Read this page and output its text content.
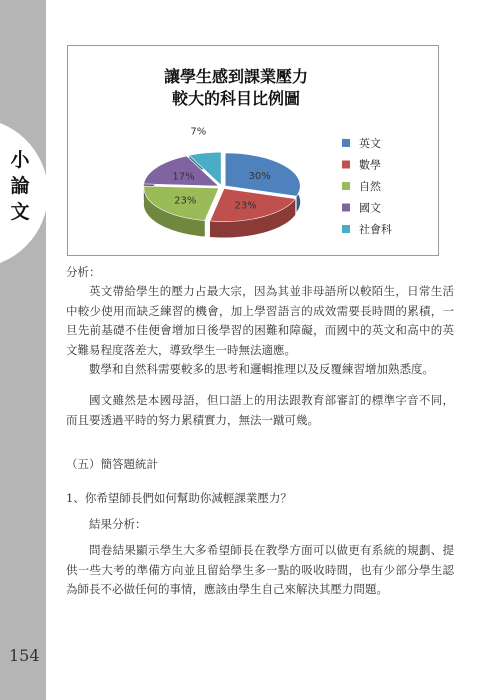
小
論
文
讓學生感到課業壓力
較大的科目比例圖
30%
23%
23%
17%
7%
英文
數學
自然
國文
社會科
分析：
英文帶給學生的壓力占最大宗，因為其並非母語所以較陌生，日常生活中較少使用而缺乏練習的機會，加上學習語言的成效需要長時間的累積，一旦先前基礎不佳便會增加日後學習的困難和障礙，而國中的英文和高中的英文難易程度落差大，導致學生一時無法適應。
數學和自然科需要較多的思考和邏輯推理以及反覆練習增加熟悉度。
國文雖然是本國母語，但口語上的用法跟教育部審訂的標準字音不同，而且要透過平時的努力累積實力，無法一蹴可幾。
（五）簡答題統計
1、你希望師長們如何幫助你減輕課業壓力？
結果分析：
問卷結果顯示學生大多希望師長在教學方面可以做更有系統的規劃、提供一些大考的準備方向並且留給學生多一點的吸收時間，也有少部分學生認為師長不必做任何的事情，應該由學生自己來解決其壓力問題。
154
